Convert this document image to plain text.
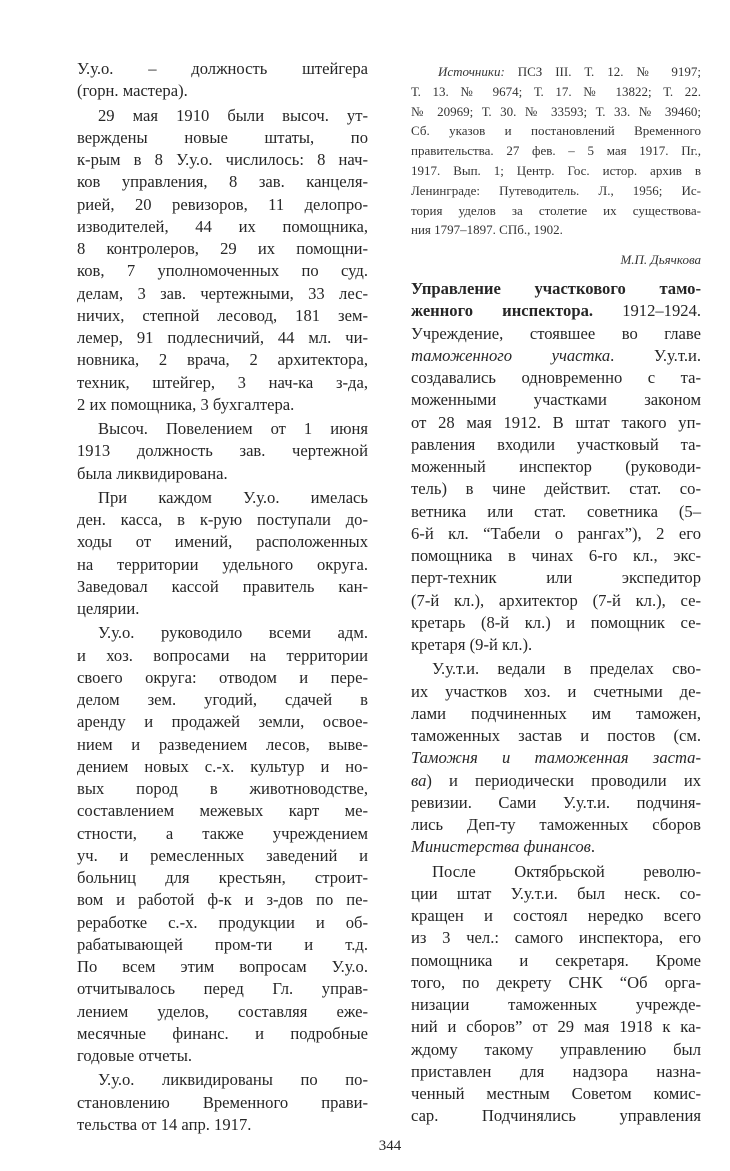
У.у.о. – должность штейгера
(горн. мастера).
29 мая 1910 были высоч. ут-
верждены новые штаты, по
к-рым в 8 У.у.о. числилось: 8 нач-
ков управления, 8 зав. канцеля-
рией, 20 ревизоров, 11 делопро-
изводителей, 44 их помощника,
8 контролеров, 29 их помощни-
ков, 7 уполномоченных по суд.
делам, 3 зав. чертежными, 33 лес-
ничих, степной лесовод, 181 зем-
лемер, 91 подлесничий, 44 мл. чи-
новника, 2 врача, 2 архитектора,
техник, штейгер, 3 нач-ка з-да,
2 их помощника, 3 бухгалтера.
Высоч. Повелением от 1 июня
1913 должность зав. чертежной
была ликвидирована.
При каждом У.у.о. имелась
ден. касса, в к-рую поступали до-
ходы от имений, расположенных
на территории удельного округа.
Заведовал кассой правитель кан-
целярии.
У.у.о. руководило всеми адм.
и хоз. вопросами на территории
своего округа: отводом и пере-
делом зем. угодий, сдачей в
аренду и продажей земли, освое-
нием и разведением лесов, выве-
дением новых с.-х. культур и но-
вых пород в животноводстве,
составлением межевых карт ме-
стности, а также учреждением
уч. и ремесленных заведений и
больниц для крестьян, строит-
вом и работой ф-к и з-дов по пе-
реработке с.-х. продукции и об-
рабатывающей пром-ти и т.д.
По всем этим вопросам У.у.о.
отчитывалось перед Гл. управ-
лением уделов, составляя еже-
месячные финанс. и подробные
годовые отчеты.
У.у.о. ликвидированы по по-
становлению Временного прави-
тельства от 14 апр. 1917.
Источники: ПСЗ III. Т. 12. № 9197;
Т. 13. № 9674; Т. 17. № 13822; Т. 22.
№ 20969; Т. 30. № 33593; Т. 33. № 39460;
Сб. указов и постановлений Временного
правительства. 27 фев. – 5 мая 1917. Пг.,
1917. Вып. 1; Центр. Гос. истор. архив в
Ленинграде: Путеводитель. Л., 1956; Ис-
тория уделов за столетие их существова-
ния 1797–1897. СПб., 1902.
М.П. Дьячкова
Управление участкового тамо-
женного инспектора. 1912–1924.
Учреждение, стоявшее во главе
таможенного участка. У.у.т.и.
создавались одновременно с та-
моженными участками законом
от 28 мая 1912. В штат такого уп-
равления входили участковый та-
моженный инспектор (руководи-
тель) в чине действит. стат. со-
ветника или стат. советника (5–
6-й кл. “Табели о рангах”), 2 его
помощника в чинах 6-го кл., экс-
перт-техник или экспедитор
(7-й кл.), архитектор (7-й кл.), се-
кретарь (8-й кл.) и помощник се-
кретаря (9-й кл.).
У.у.т.и. ведали в пределах сво-
их участков хоз. и счетными де-
лами подчиненных им таможен,
таможенных застав и постов (см.
Таможня и таможенная заста-
ва) и периодически проводили их
ревизии. Сами У.у.т.и. подчиня-
лись Деп-ту таможенных сборов
Министерства финансов.
После Октябрьской револю-
ции штат У.у.т.и. был неск. со-
кращен и состоял нередко всего
из 3 чел.: самого инспектора, его
помощника и секретаря. Кроме
того, по декрету СНК “Об орга-
низации таможенных учрежде-
ний и сборов” от 29 мая 1918 к ка-
ждому такому управлению был
приставлен для надзора назна-
ченный местным Советом комис-
сар. Подчинялись управления
344
